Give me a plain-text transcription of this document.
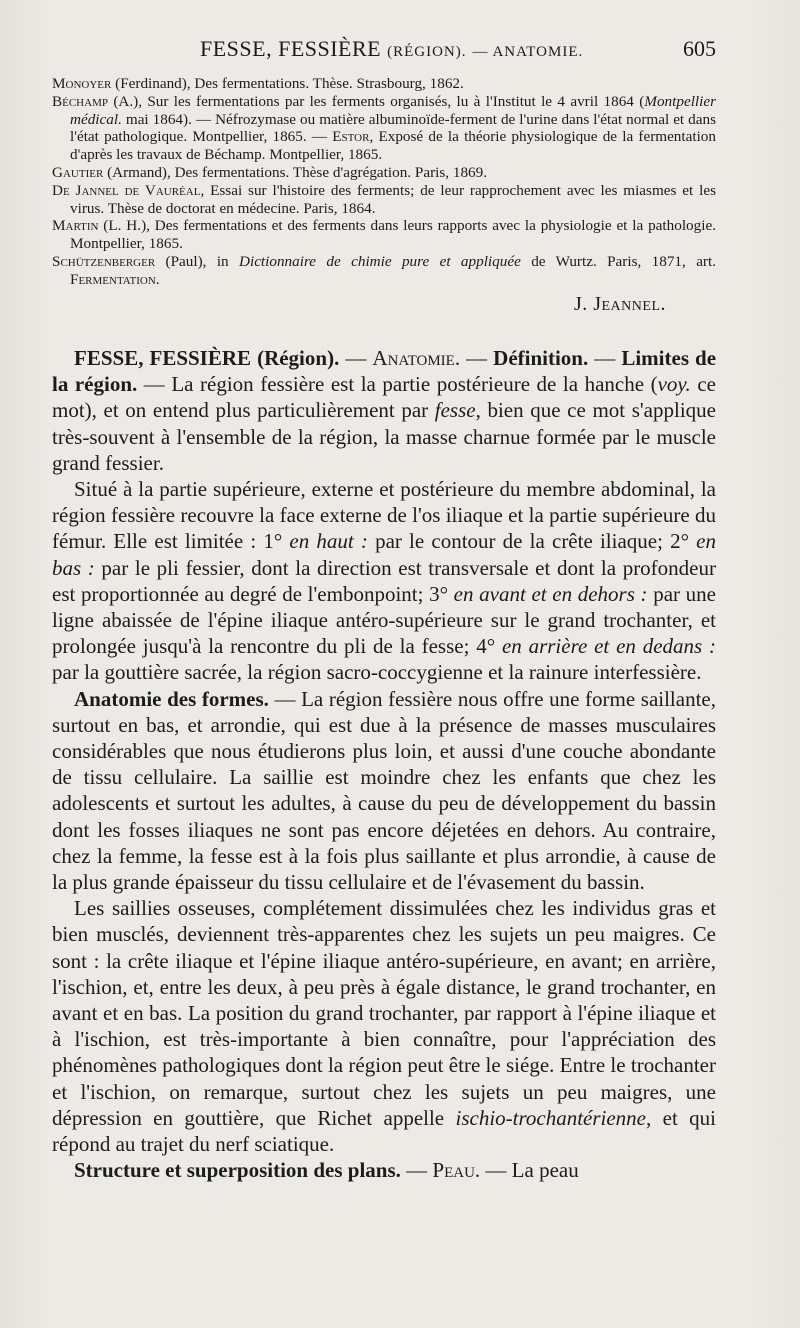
FESSE, FESSIÈRE (RÉGION). — ANATOMIE.	605

Monoyer (Ferdinand), Des fermentations. Thèse. Strasbourg, 1862.

Béchamp (A.), Sur les fermentations par les ferments organisés, lu à l'Institut le 4 avril 1864 (Montpellier médical. mai 1864). — Néfrozymase ou matière albuminoïde-ferment de l'urine dans l'état normal et dans l'état pathologique. Montpellier, 1865. — Estor, Exposé de la théorie physiologique de la fermentation d'après les travaux de Béchamp. Montpellier, 1865.

Gautier (Armand), Des fermentations. Thèse d'agrégation. Paris, 1869.

De Jannel de Vauréal, Essai sur l'histoire des ferments; de leur rapprochement avec les miasmes et les virus. Thèse de doctorat en médecine. Paris, 1864.

Martin (L. H.), Des fermentations et des ferments dans leurs rapports avec la physiologie et la pathologie. Montpellier, 1865.

Schützenberger (Paul), in Dictionnaire de chimie pure et appliquée de Wurtz. Paris, 1871, art. Fermentation.

J. Jeannel.

FESSE, FESSIÈRE (Région). — Anatomie. — Définition. — Limites de la région. — La région fessière est la partie postérieure de la hanche (voy. ce mot), et on entend plus particulièrement par fesse, bien que ce mot s'applique très-souvent à l'ensemble de la région, la masse charnue formée par le muscle grand fessier.

Situé à la partie supérieure, externe et postérieure du membre abdominal, la région fessière recouvre la face externe de l'os iliaque et la partie supérieure du fémur. Elle est limitée : 1° en haut : par le contour de la crête iliaque; 2° en bas : par le pli fessier, dont la direction est transversale et dont la profondeur est proportionnée au degré de l'embonpoint; 3° en avant et en dehors : par une ligne abaissée de l'épine iliaque antéro-supérieure sur le grand trochanter, et prolongée jusqu'à la rencontre du pli de la fesse; 4° en arrière et en dedans : par la gouttière sacrée, la région sacro-coccygienne et la rainure interfessière.

Anatomie des formes. — La région fessière nous offre une forme saillante, surtout en bas, et arrondie, qui est due à la présence de masses musculaires considérables que nous étudierons plus loin, et aussi d'une couche abondante de tissu cellulaire. La saillie est moindre chez les enfants que chez les adolescents et surtout les adultes, à cause du peu de développement du bassin dont les fosses iliaques ne sont pas encore déjetées en dehors. Au contraire, chez la femme, la fesse est à la fois plus saillante et plus arrondie, à cause de la plus grande épaisseur du tissu cellulaire et de l'évasement du bassin.

Les saillies osseuses, complétement dissimulées chez les individus gras et bien musclés, deviennent très-apparentes chez les sujets un peu maigres. Ce sont : la crête iliaque et l'épine iliaque antéro-supérieure, en avant; en arrière, l'ischion, et, entre les deux, à peu près à égale distance, le grand trochanter, en avant et en bas. La position du grand trochanter, par rapport à l'épine iliaque et à l'ischion, est très-importante à bien connaître, pour l'appréciation des phénomènes pathologiques dont la région peut être le siége. Entre le trochanter et l'ischion, on remarque, surtout chez les sujets un peu maigres, une dépression en gouttière, que Richet appelle ischio-trochantérienne, et qui répond au trajet du nerf sciatique.

Structure et superposition des plans. — Peau. — La peau
